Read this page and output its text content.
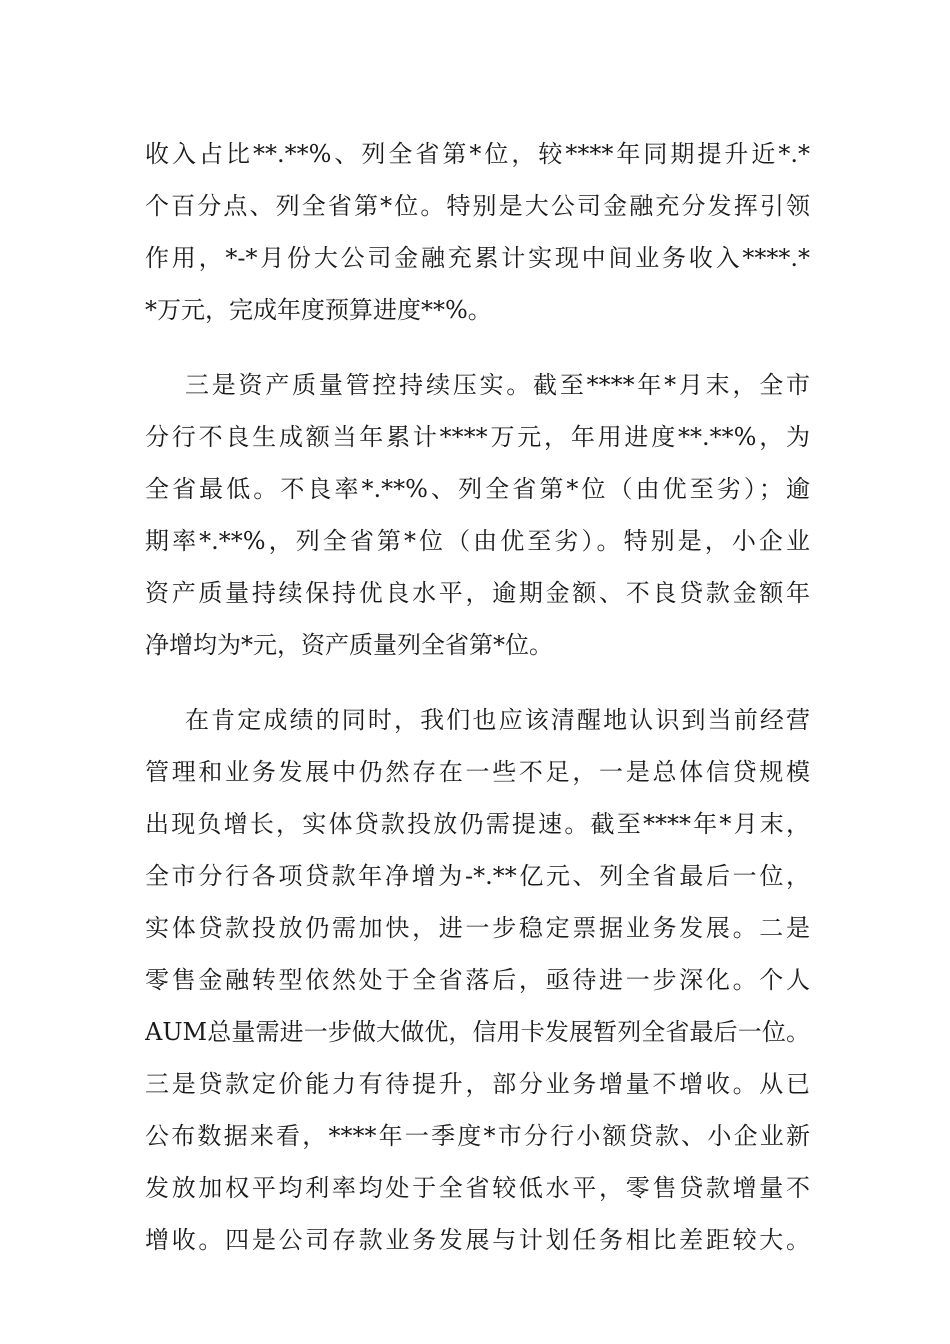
收入占比**.**%、列全省第*位，较****年同期提升近*.*
个百分点、列全省第*位。特别是大公司金融充分发挥引领
作用，*-*月份大公司金融充累计实现中间业务收入****.*
*万元，完成年度预算进度**%。
三是资产质量管控持续压实。截至****年*月末，全市
分行不良生成额当年累计****万元，年用进度**.**%，为
全省最低。不良率*.**%、列全省第*位（由优至劣）；逾
期率*.**%，列全省第*位（由优至劣）。特别是，小企业
资产质量持续保持优良水平，逾期金额、不良贷款金额年
净增均为*元，资产质量列全省第*位。
在肯定成绩的同时，我们也应该清醒地认识到当前经营
管理和业务发展中仍然存在一些不足，一是总体信贷规模
出现负增长，实体贷款投放仍需提速。截至****年*月末，
全市分行各项贷款年净增为-*.**亿元、列全省最后一位，
实体贷款投放仍需加快，进一步稳定票据业务发展。二是
零售金融转型依然处于全省落后，亟待进一步深化。个人
AUM总量需进一步做大做优，信用卡发展暂列全省最后一位。
三是贷款定价能力有待提升，部分业务增量不增收。从已
公布数据来看，****年一季度*市分行小额贷款、小企业新
发放加权平均利率均处于全省较低水平，零售贷款增量不
增收。四是公司存款业务发展与计划任务相比差距较大。
